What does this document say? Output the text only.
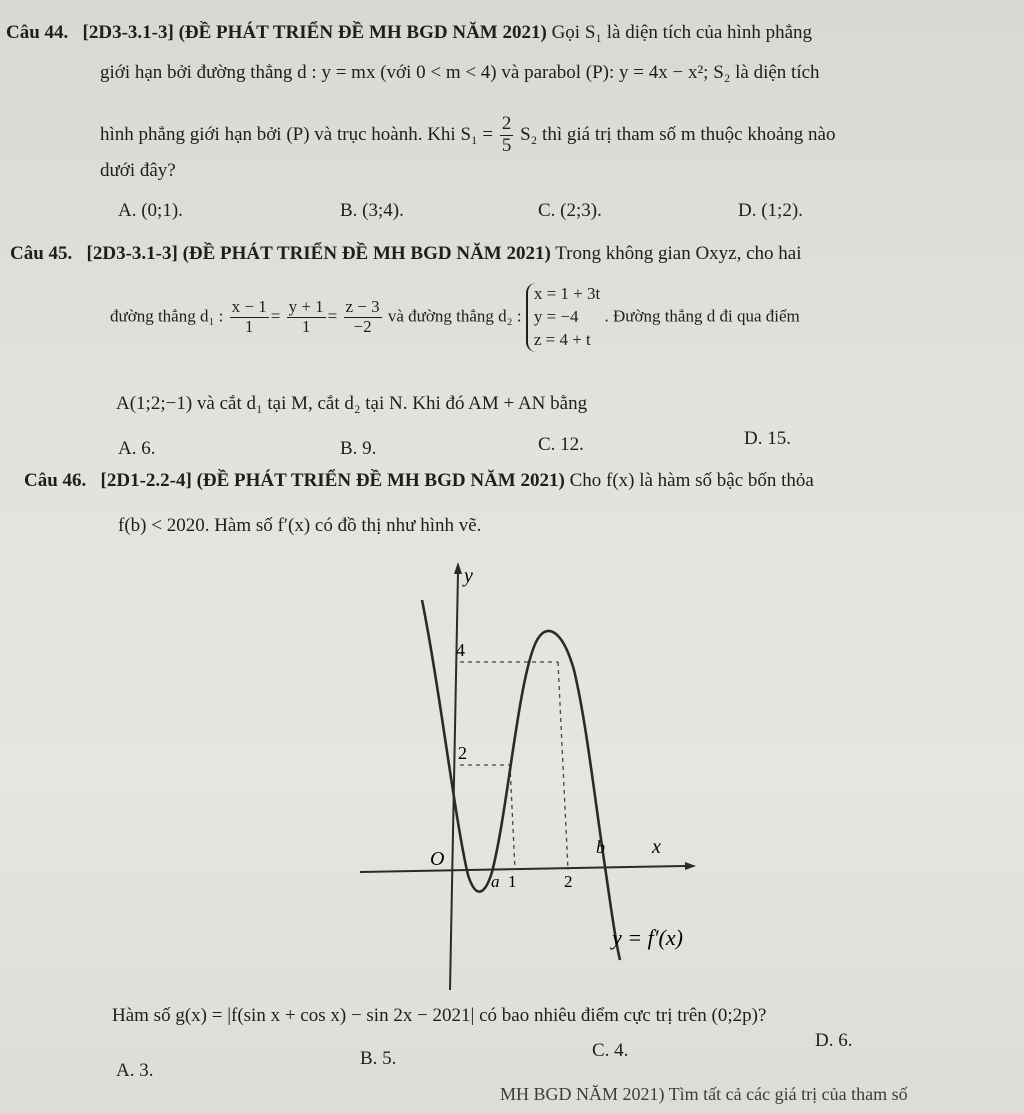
Câu 44. [2D3-3.1-3] (ĐỀ PHÁT TRIỂN ĐỀ MH BGD NĂM 2021) Gọi S₁ là diện tích của hình phẳng
giới hạn bởi đường thẳng d : y = mx (với 0 < m < 4) và parabol (P): y = 4x − x²; S₂ là diện tích
hình phẳng giới hạn bởi (P) và trục hoành. Khi $S_1 = \frac{2}{5} S_2$ thì giá trị tham số m thuộc khoảng nào
dưới đây?
A. (0;1).	B. (3;4).	C. (2;3).	D. (1;2).
Câu 45. [2D3-3.1-3] (ĐỀ PHÁT TRIỂN ĐỀ MH BGD NĂM 2021) Trong không gian Oxyz, cho hai
đường thẳng d₁ : $\frac{x - 1}{1} = \frac{y + 1}{1} = \frac{z - 3}{-2}$ và đường thẳng d₂ :
x = 1 + 3t
y = −4
z = 4 + t
. Đường thẳng d đi qua điểm
A(1;2;−1) và cắt d₁ tại M, cắt d₂ tại N. Khi đó AM + AN bằng
A. 6.	B. 9.	C. 12.	D. 15.
Câu 46. [2D1-2.2-4] (ĐỀ PHÁT TRIỂN ĐỀ MH BGD NĂM 2021) Cho f(x) là hàm số bậc bốn thỏa
f(b) < 2020. Hàm số f′(x) có đồ thị như hình vẽ.
y
x
O
4
2
a 1	2
b
y = f′(x)
Hàm số g(x) = |f(sin x + cos x) − sin 2x − 2021| có bao nhiêu điểm cực trị trên (0;2p)?
A. 3.
B. 5.	C. 4.	D. 6.
MH BGD NĂM 2021) Tìm tất cả các giá trị của tham số
